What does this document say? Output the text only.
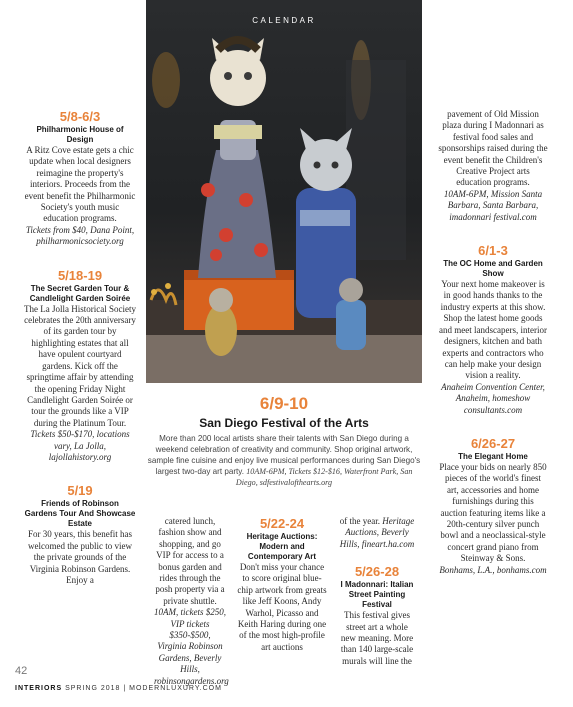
CALENDAR
5/8-6/3
Philharmonic House of Design
A Ritz Cove estate gets a chic update when local designers reimagine the property's interiors. Proceeds from the event benefit the Philharmonic Society's youth music education programs.
Tickets from $40, Dana Point, philharmonicsociety.org
5/18-19
The Secret Garden Tour & Candlelight Garden Soirée
The La Jolla Historical Society celebrates the 20th anniversary of its garden tour by highlighting estates that all have opulent courtyard gardens. Kick off the springtime affair by attending the opening Friday Night Candlelight Garden Soirée or tour the grounds like a VIP during the Platinum Tour.
Tickets $50-$170, locations vary, La Jolla, lajollahistory.org
5/19
Friends of Robinson Gardens Tour And Showcase Estate
For 30 years, this benefit has welcomed the public to view the private grounds of the Virginia Robinson Gardens. Enjoy a
6/9-10
San Diego Festival of the Arts
More than 200 local artists share their talents with San Diego during a weekend celebration of creativity and community. Shop original artwork, sample fine cuisine and enjoy live musical performances during San Diego's largest two-day art party. 10AM-6PM, Tickets $12-$16, Waterfront Park, San Diego, sdfestivalofthearts.org
catered lunch, fashion show and shopping, and go VIP for access to a bonus garden and rides through the posh property via a private shuttle.
10AM, tickets $250, VIP tickets $350-$500, Virginia Robinson Gardens, Beverly Hills, robinsongardens.org
5/22-24
Heritage Auctions: Modern and Contemporary Art
Don't miss your chance to score original blue-chip artwork from greats like Jeff Koons, Andy Warhol, Picasso and Keith Haring during one of the most high-profile art auctions
of the year. Heritage Auctions, Beverly Hills, fineart.ha.com
5/26-28
I Madonnari: Italian Street Painting Festival
This festival gives street art a whole new meaning. More than 140 large-scale murals will line the
pavement of Old Mission plaza during I Madonnari as festival food sales and sponsorships raised during the event benefit the Children's Creative Project arts education programs.
10AM-6PM, Mission Santa Barbara, Santa Barbara, imadonnari festival.com
6/1-3
The OC Home and Garden Show
Your next home makeover is in good hands thanks to the industry experts at this show. Shop the latest home goods and meet landscapers, interior designers, kitchen and bath experts and contractors who can help make your design vision a reality.
Anaheim Convention Center, Anaheim, homeshow consultants.com
6/26-27
The Elegant Home
Place your bids on nearly 850 pieces of the world's finest art, accessories and home furnishings during this auction featuring items like a 20th-century silver punch bowl and a neoclassical-style concert grand piano from Steinway & Sons.
Bonhams, L.A., bonhams.com
42
INTERIORS SPRING 2018 | MODERNLUXURY.COM
